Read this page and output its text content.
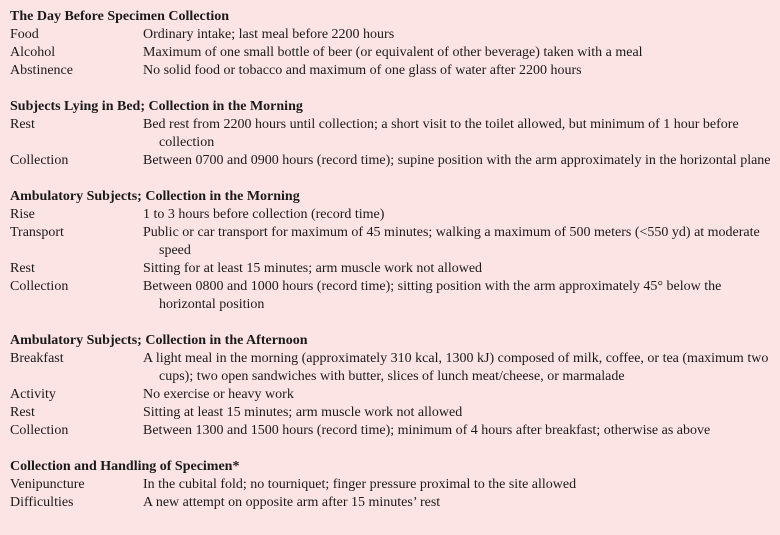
The Day Before Specimen Collection
Food	Ordinary intake; last meal before 2200 hours
Alcohol	Maximum of one small bottle of beer (or equivalent of other beverage) taken with a meal
Abstinence	No solid food or tobacco and maximum of one glass of water after 2200 hours
Subjects Lying in Bed; Collection in the Morning
Rest	Bed rest from 2200 hours until collection; a short visit to the toilet allowed, but minimum of 1 hour before collection
Collection	Between 0700 and 0900 hours (record time); supine position with the arm approximately in the horizontal plane
Ambulatory Subjects; Collection in the Morning
Rise	1 to 3 hours before collection (record time)
Transport	Public or car transport for maximum of 45 minutes; walking a maximum of 500 meters (<550 yd) at moderate speed
Rest	Sitting for at least 15 minutes; arm muscle work not allowed
Collection	Between 0800 and 1000 hours (record time); sitting position with the arm approximately 45° below the horizontal position
Ambulatory Subjects; Collection in the Afternoon
Breakfast	A light meal in the morning (approximately 310 kcal, 1300 kJ) composed of milk, coffee, or tea (maximum two cups); two open sandwiches with butter, slices of lunch meat/cheese, or marmalade
Activity	No exercise or heavy work
Rest	Sitting at least 15 minutes; arm muscle work not allowed
Collection	Between 1300 and 1500 hours (record time); minimum of 4 hours after breakfast; otherwise as above
Collection and Handling of Specimen*
Venipuncture	In the cubital fold; no tourniquet; finger pressure proximal to the site allowed
Difficulties	A new attempt on opposite arm after 15 minutes’ rest
